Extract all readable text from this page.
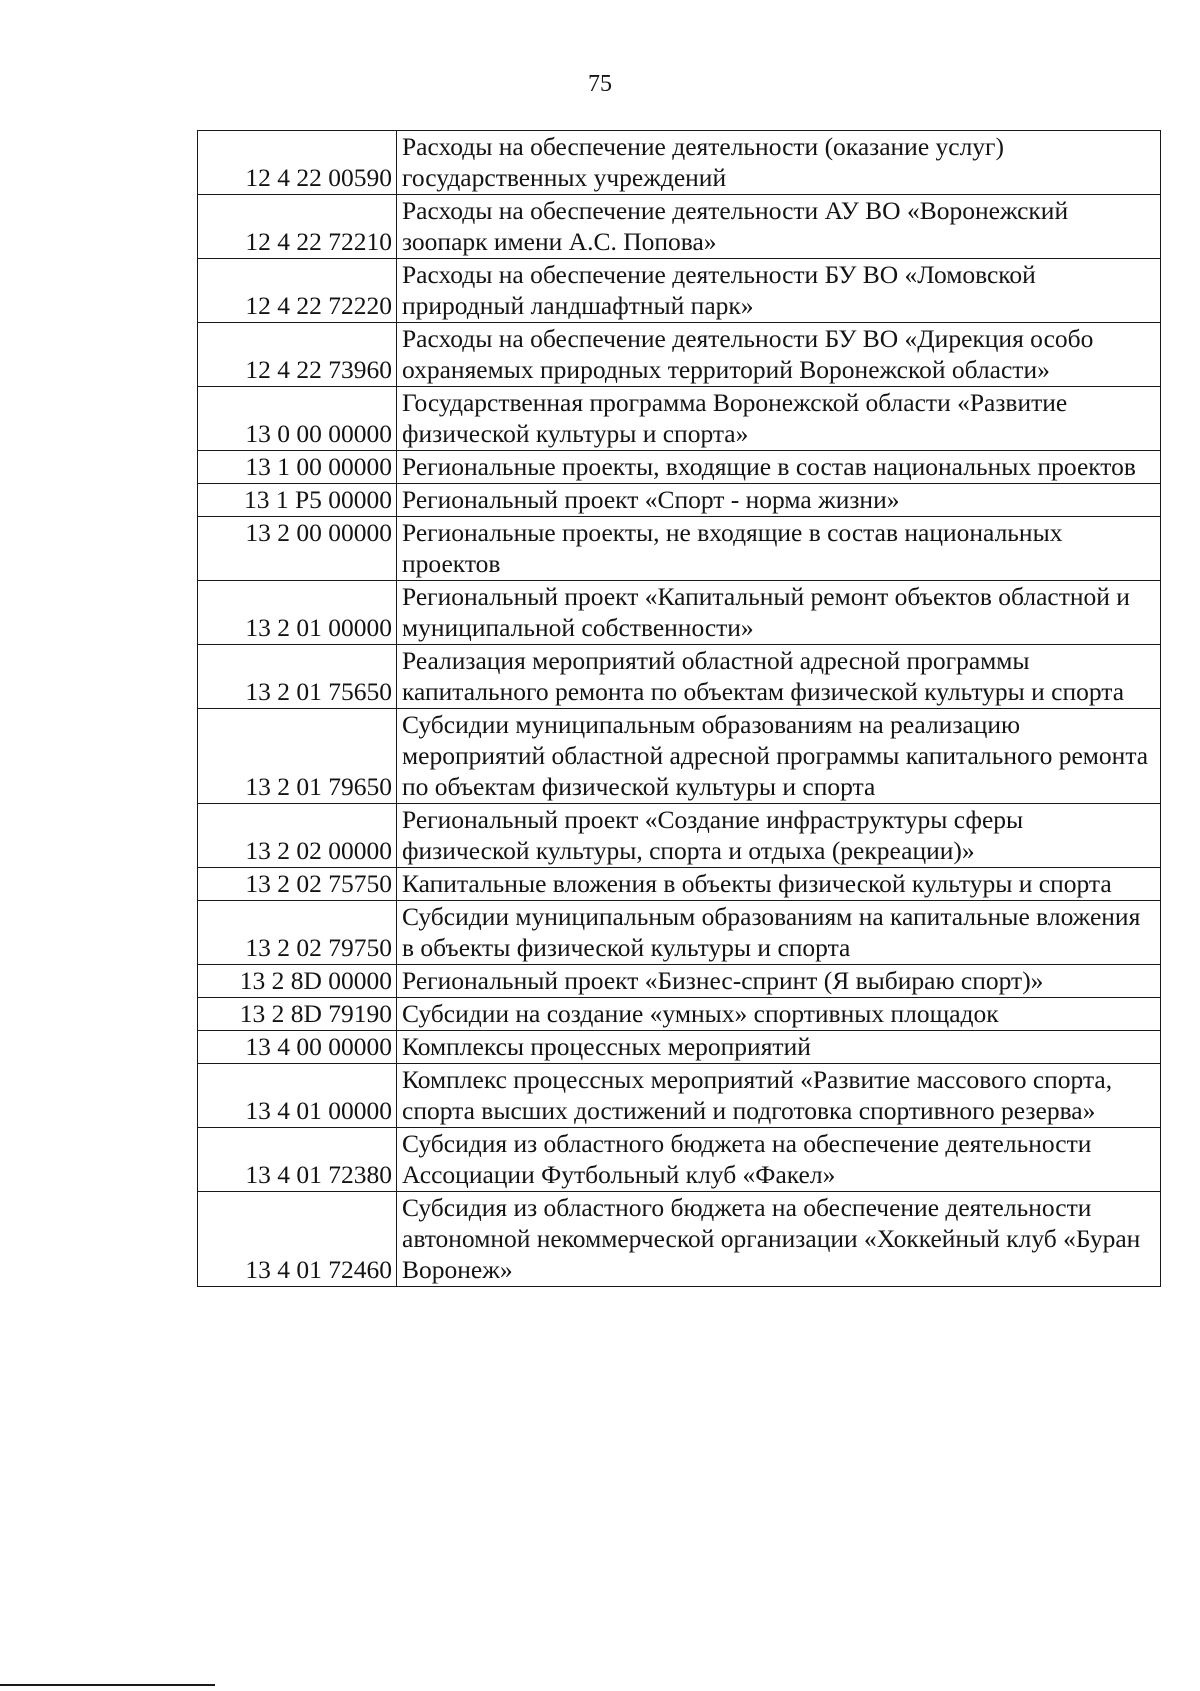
75
12 4 22 00590	Расходы на обеспечение деятельности (оказание услуг) государственных учреждений
12 4 22 72210	Расходы на обеспечение деятельности АУ ВО «Воронежский зоопарк имени А.С. Попова»
12 4 22 72220	Расходы на обеспечение деятельности БУ ВО «Ломовской природный ландшафтный парк»
12 4 22 73960	Расходы на обеспечение деятельности БУ ВО «Дирекция особо охраняемых природных территорий Воронежской области»
13 0 00 00000	Государственная программа Воронежской области «Развитие физической культуры и спорта»
13 1 00 00000	Региональные проекты, входящие в состав национальных проектов
13 1 P5 00000	Региональный проект «Спорт - норма жизни»
13 2 00 00000	Региональные проекты, не входящие в состав национальных проектов
13 2 01 00000	Региональный проект «Капитальный ремонт объектов областной и муниципальной собственности»
13 2 01 75650	Реализация мероприятий областной адресной программы капитального ремонта по объектам физической культуры и спорта
13 2 01 79650	Субсидии муниципальным образованиям на реализацию мероприятий областной адресной программы капитального ремонта по объектам физической культуры и спорта
13 2 02 00000	Региональный проект «Создание инфраструктуры сферы физической культуры, спорта и отдыха (рекреации)»
13 2 02 75750	Капитальные вложения в объекты физической культуры и спорта
13 2 02 79750	Субсидии муниципальным образованиям на капитальные вложения в объекты физической культуры и спорта
13 2 8D 00000	Региональный проект «Бизнес-спринт (Я выбираю спорт)»
13 2 8D 79190	Субсидии на создание «умных» спортивных площадок
13 4 00 00000	Комплексы процессных мероприятий
13 4 01 00000	Комплекс процессных мероприятий «Развитие массового спорта, спорта высших достижений и подготовка спортивного резерва»
13 4 01 72380	Субсидия из областного бюджета на обеспечение деятельности Ассоциации Футбольный клуб «Факел»
13 4 01 72460	Субсидия из областного бюджета на обеспечение деятельности автономной некоммерческой организации «Хоккейный клуб «Буран Воронеж»
